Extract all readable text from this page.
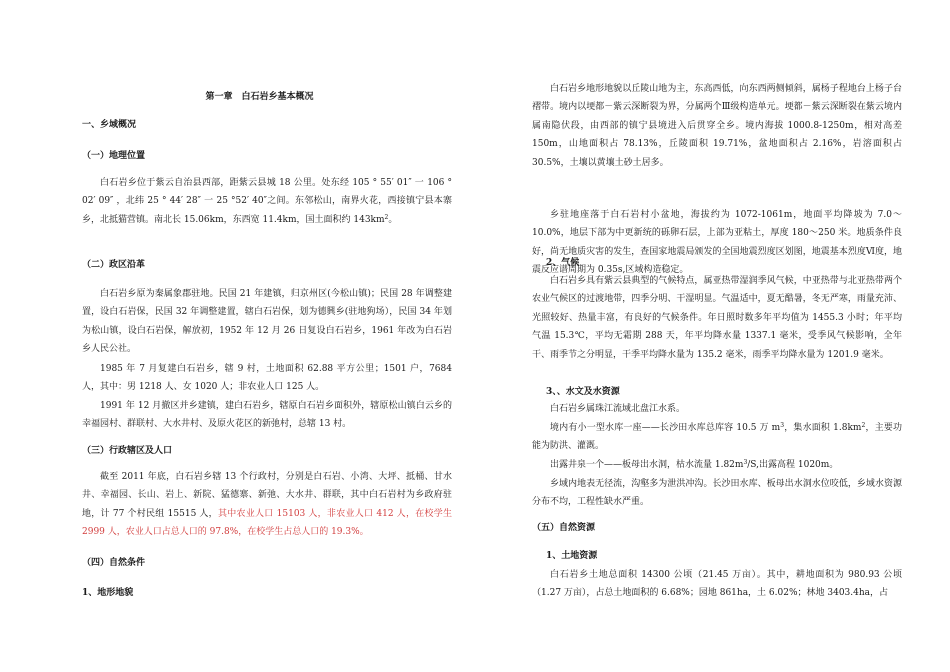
第一章　白石岩乡基本概况
一、乡域概况
（一）地理位置
白石岩乡位于紫云自治县西部，距紫云县城 18 公里。处东经 105 ° 55′ 01″ 一 106 ° 02′ 09″ ，北纬 25 ° 44′ 28″ 一 25 °52′ 40″之间。东邻松山，南界火花，西接镇宁县本寨乡，北抵猫营镇。南北长 15.06km，东西宽 11.4km，国土面积约 $143km^2$。
（二）政区沿革
白石岩乡原为秦属象郡驻地。民国 21 年建镇，归京州区(今松山镇)；民国 28 年调整建置，设白石岩保，民国 32 年调整建置，辖白石岩保，划为德興乡(驻地狗场），民国 34 年划为松山镇，设白石岩保，解放初，1952 年 12 月 26 日复设白石岩乡，1961 年改为白石岩乡人民公社。
1985 年 7 月复建白石岩乡，辖 9 村，土地面积 62.88 平方公里；1501 户，7684 人，其中：男 1218 人、女 1020 人；非农业人口 125 人。
1991 年 12 月撤区并乡建镇，建白石岩乡，辖原白石岩乡面积外，辖原松山镇白云乡的幸福园村、群联村、大水井村、及原火花区的新弛村，总辖 13 村。
（三）行政辖区及人口
截至 2011 年底，白石岩乡辖 13 个行政村，分别是白石岩、小湾、大坪、抵桶、甘水井、幸福园、长山、岩上、新院、猛德寨、新弛、大水井、群联，其中白石岩村为乡政府驻地，计 77 个村民组 15515 人，其中农业人口 15103 人，非农业人口 412 人，在校学生 2999 人，农业人口占总人口的 97.8%，在校学生占总人口的 19.3%。
（四）自然条件
1、地形地貌
白石岩乡地形地貌以丘陵山地为主，东高西低，向东西两侧倾斜，属杨子程地台上杨子台褶带。境内以埂都－紫云深断裂为界，分属两个Ⅲ级构造单元。埂都－紫云深断裂在紫云境内属南隐伏段，由西部的镇宁县境进入后贯穿全乡。境内海拔 1000.8-1250m，相对高差 150m，山地面积占 78.13%，丘陵面积 19.71%，盆地面积占 2.16%，岩溶面积占 30.5%，土壤以黄壤土砂土居多。
乡驻地座落于白石岩村小盆地，海拔约为 1072-1061m，地面平均降坡为 7.0～10.0%，地层下部为中更新统的砾卵石层，上部为亚粘土，厚度 180～250 米。地质条件良好，尚无地质灾害的发生，查国家地震局颁发的全国地震烈度区划图，地震基本烈度Ⅵ度，地震反应谱周期为 0.35s,区域构造稳定。
2、气候
白石岩乡具有紫云县典型的气候特点，属亚热带湿润季风气候，中亚热带与北亚热带两个农业气候区的过渡地带，四季分明、干湿明显。气温适中，夏无酷暑，冬无严寒，雨量充沛、光照较好、热量丰富，有良好的气候条件。年日照时数多年平均值为 1455.3 小时；年平均气温 15.3℃，平均无霜期 288 天，年平均降水量 1337.1 毫米，受季风气候影响，全年干、雨季节之分明显，干季平均降水量为 135.2 毫米，雨季平均降水量为 1201.9 毫米。
3、、水文及水资源
白石岩乡属珠江流域北盘江水系。
境内有小一型水库一座——长沙田水库总库容 10.5 万 $m^3$，集水面积 $1.8km^2$，主要功能为防洪、灌溉。
出露井泉一个——板母出水洞，枯水流量 $1.82m^3/S$,出露高程 1020m。
乡域内地表无径流，沟壑多为泄洪冲沟。长沙田水库、板母出水洞水位咬低，乡域水资源分布不均，工程性缺水严重。
（五）自然资源
1、土地资源
白石岩乡土地总面积 14300 公顷（21.45 万亩）。其中，耕地面积为 980.93 公顷（1.27 万亩），占总土地面积的 6.68%；园地 861ha，土 6.02%；林地 3403.4ha，占
